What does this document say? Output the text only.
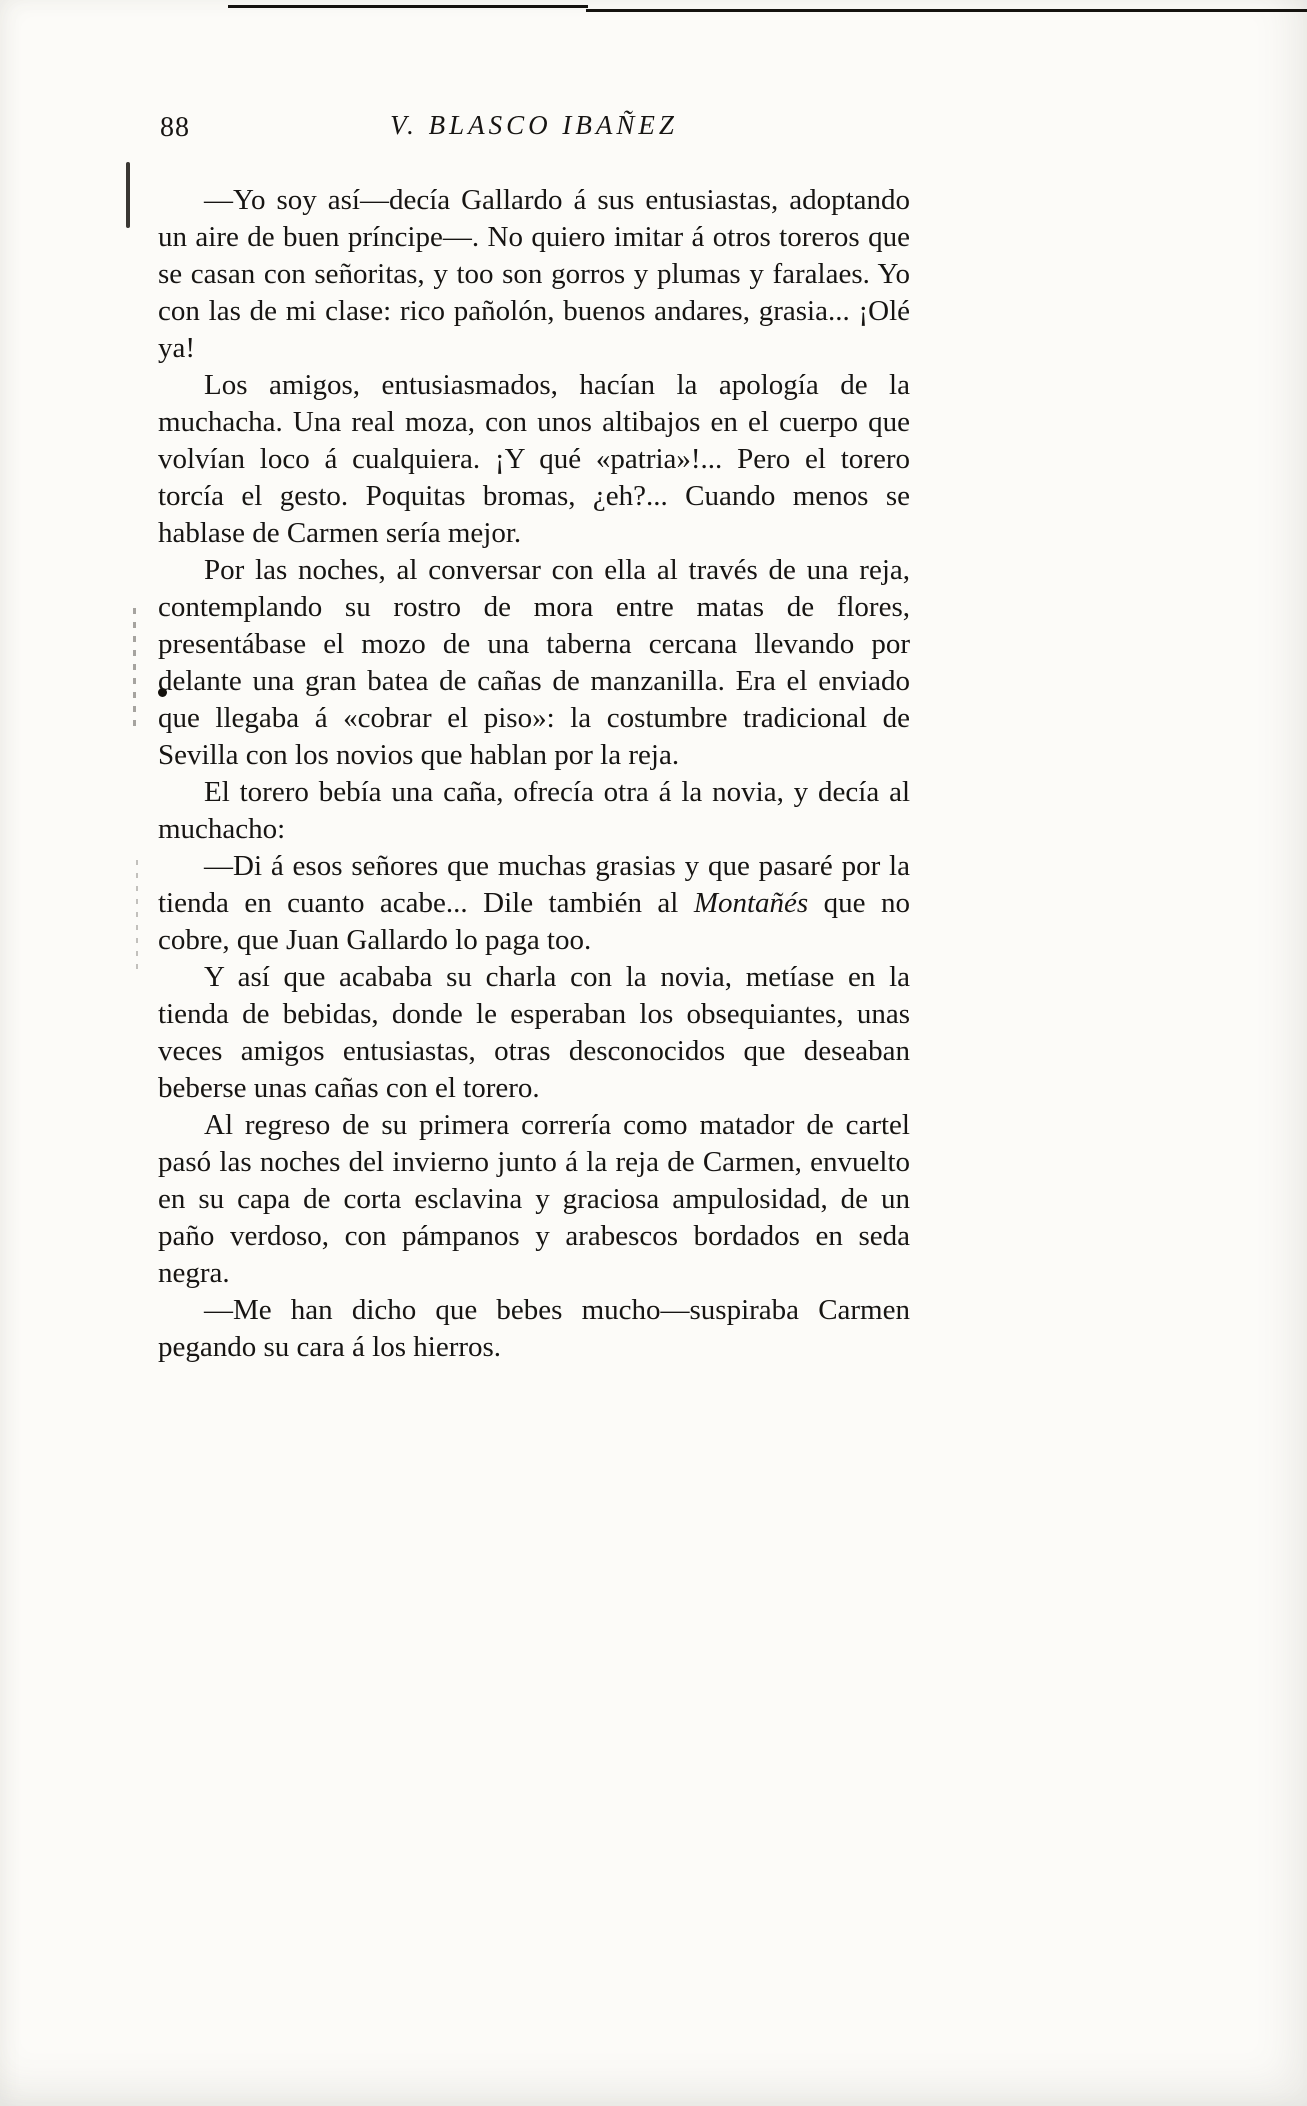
88	V. BLASCO IBAÑEZ

—Yo soy así—decía Gallardo á sus entusiastas, adoptando un aire de buen príncipe—. No quiero imitar á otros toreros que se casan con señoritas, y too son gorros y plumas y faralaes. Yo con las de mi clase: rico pañolón, buenos andares, grasia... ¡Olé ya!

Los amigos, entusiasmados, hacían la apología de la muchacha. Una real moza, con unos altibajos en el cuerpo que volvían loco á cualquiera. ¡Y qué «patria»!... Pero el torero torcía el gesto. Poquitas bromas, ¿eh?... Cuando menos se hablase de Carmen sería mejor.

Por las noches, al conversar con ella al través de una reja, contemplando su rostro de mora entre matas de flores, presentábase el mozo de una taberna cercana llevando por delante una gran batea de cañas de manzanilla. Era el enviado que llegaba á «cobrar el piso»: la costumbre tradicional de Sevilla con los novios que hablan por la reja.

El torero bebía una caña, ofrecía otra á la novia, y decía al muchacho:

—Di á esos señores que muchas grasias y que pasaré por la tienda en cuanto acabe... Dile también al Montañés que no cobre, que Juan Gallardo lo paga too.

Y así que acababa su charla con la novia, metíase en la tienda de bebidas, donde le esperaban los obsequiantes, unas veces amigos entusiastas, otras desconocidos que deseaban beberse unas cañas con el torero.

Al regreso de su primera correría como matador de cartel pasó las noches del invierno junto á la reja de Carmen, envuelto en su capa de corta esclavina y graciosa ampulosidad, de un paño verdoso, con pámpanos y arabescos bordados en seda negra.

—Me han dicho que bebes mucho—suspiraba Carmen pegando su cara á los hierros.
